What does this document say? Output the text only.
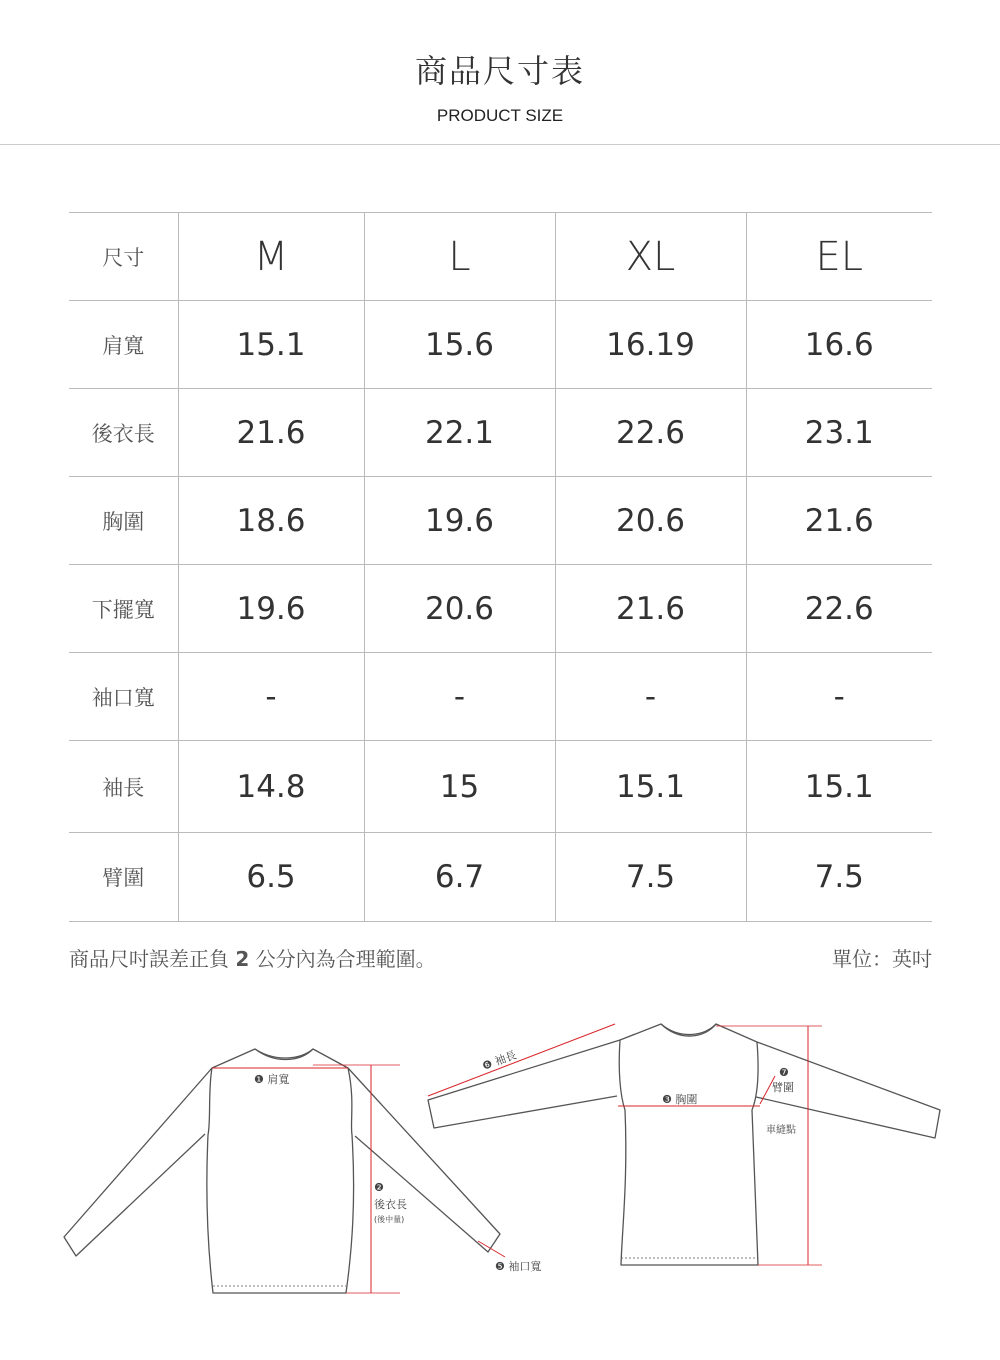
商品尺寸表
PRODUCT SIZE
尺寸	M	L	XL	EL
肩寬	15.1	15.6	16.19	16.6
後衣長	21.6	22.1	22.6	23.1
胸圍	18.6	19.6	20.6	21.6
下擺寬	19.6	20.6	21.6	22.6
袖口寬	-	-	-	-
袖長	14.8	15	15.1	15.1
臂圍	6.5	6.7	7.5	7.5
商品尺吋誤差正負 2 公分內為合理範圍。	單位：英吋
❶ 肩寬
❷
後衣長
(後中量)
❺ 袖口寬
❻ 袖長
❸ 胸圍
❼
臂圍
車縫點
